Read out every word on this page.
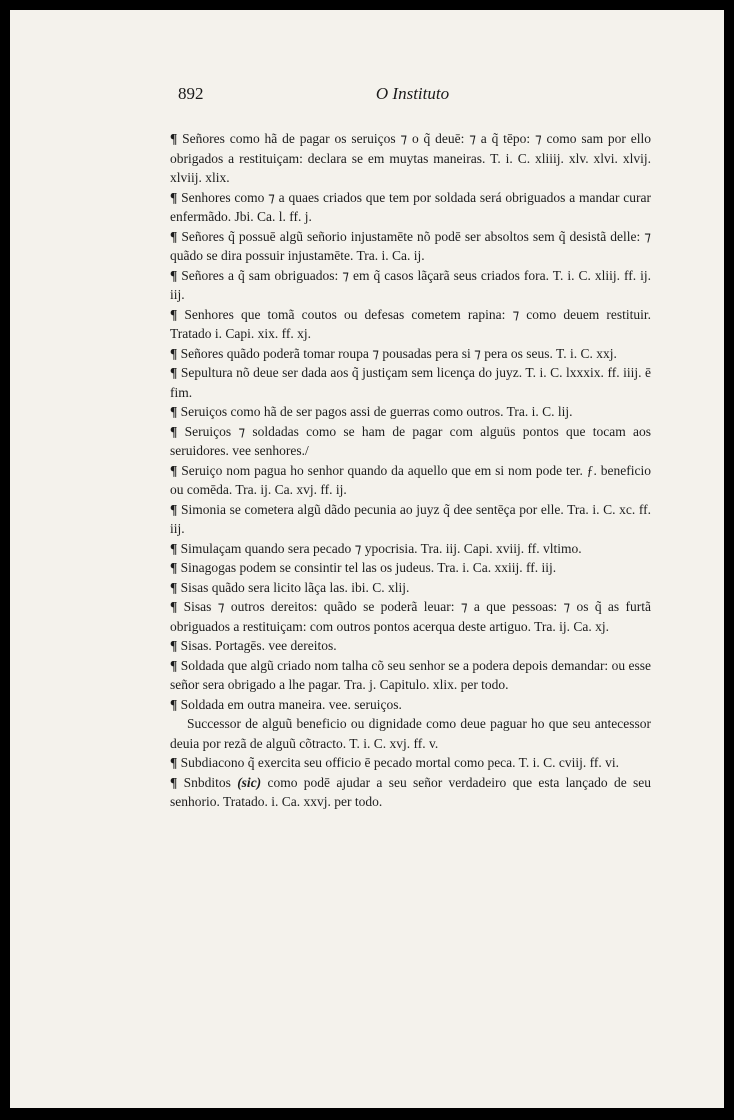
892	O Instituto

¶ Señores como hã de pagar os seruiços ⁊ o q̃ deuē: ⁊ a q̃ tēpo: ⁊ como sam por ello obrigados a restituiçam: declara se em muytas maneiras. T. i. C. xliiij. xlv. xlvi. xlvij. xlviij. xlix.

¶ Senhores como ⁊ a quaes criados que tem por soldada será obriguados a mandar curar enfermãdo. Jbi. Ca. l. ff. j.

¶ Señores q̃ possuē algũ señorio injustamēte nõ podē ser absoltos sem q̃ desistã delle: ⁊ quãdo se dira possuir injustamēte. Tra. i. Ca. ij.

¶ Señores a q̃ sam obriguados: ⁊ em q̃ casos lãçarã seus criados fora. T. i. C. xliij. ff. ij. iij.

¶ Senhores que tomã coutos ou defesas cometem rapina: ⁊ como deuem restituir. Tratado i. Capi. xix. ff. xj.

¶ Señores quãdo poderã tomar roupa ⁊ pousadas pera si ⁊ pera os seus. T. i. C. xxj.

¶ Sepultura nõ deue ser dada aos q̃ justiçam sem licença do juyz. T. i. C. lxxxix. ff. iiij. ē fim.

¶ Seruiços como hã de ser pagos assi de guerras como outros. Tra. i. C. lij.

¶ Seruiços ⁊ soldadas como se ham de pagar com alguüs pontos que tocam aos seruidores. vee senhores./

¶ Seruiço nom pagua ho senhor quando da aquello que em si nom pode ter. ƒ. beneficio ou comēda. Tra. ij. Ca. xvj. ff. ij.

¶ Simonia se cometera algũ dãdo pecunia ao juyz q̃ dee sentēça por elle. Tra. i. C. xc. ff. iij.

¶ Simulaçam quando sera pecado ⁊ ypocrisia. Tra. iij. Capi. xviij. ff. vltimo.

¶ Sinagogas podem se consintir tel las os judeus. Tra. i. Ca. xxiij. ff. iij.

¶ Sisas quãdo sera licito lãça las. ibi. C. xlij.

¶ Sisas ⁊ outros dereitos: quãdo se poderã leuar: ⁊ a que pessoas: ⁊ os q̃ as furtã obriguados a restituiçam: com outros pontos acerqua deste artiguo. Tra. ij. Ca. xj.

¶ Sisas. Portagēs. vee dereitos.

¶ Soldada que algũ criado nom talha cõ seu senhor se a podera depois demandar: ou esse señor sera obrigado a lhe pagar. Tra. j. Capitulo. xlix. per todo.

¶ Soldada em outra maneira. vee. seruiços.

Successor de alguũ beneficio ou dignidade como deue paguar ho que seu antecessor deuia por rezã de alguũ cõtracto. T. i. C. xvj. ff. v.

¶ Subdiacono q̃ exercita seu officio ē pecado mortal como peca. T. i. C. cviij. ff. vi.

¶ Snbditos (sic) como podē ajudar a seu señor verdadeiro que esta lançado de seu senhorio. Tratado. i. Ca. xxvj. per todo.
